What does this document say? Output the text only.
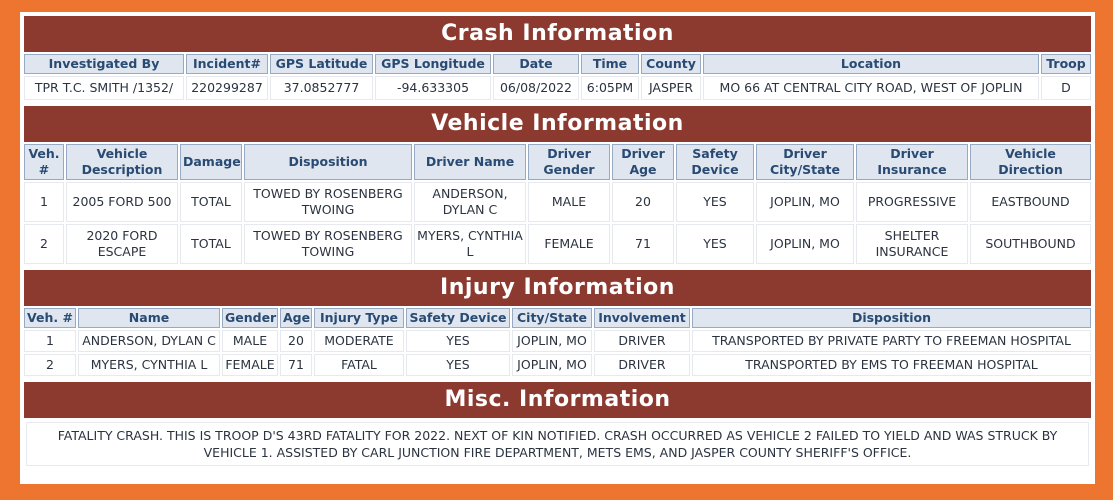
Crash Information
Investigated By	Incident#	GPS Latitude	GPS Longitude	Date	Time	County	Location	Troop
TPR T.C. SMITH /1352/	220299287	37.0852777	-94.633305	06/08/2022	6:05PM	JASPER	MO 66 AT CENTRAL CITY ROAD, WEST OF JOPLIN	D
Vehicle Information
Veh. #	Vehicle Description	Damage	Disposition	Driver Name	Driver Gender	Driver Age	Safety Device	Driver City/State	Driver Insurance	Vehicle Direction
1	2005 FORD 500	TOTAL	TOWED BY ROSENBERG TWOING	ANDERSON, DYLAN C	MALE	20	YES	JOPLIN, MO	PROGRESSIVE	EASTBOUND
2	2020 FORD ESCAPE	TOTAL	TOWED BY ROSENBERG TOWING	MYERS, CYNTHIA L	FEMALE	71	YES	JOPLIN, MO	SHELTER INSURANCE	SOUTHBOUND
Injury Information
Veh. #	Name	Gender	Age	Injury Type	Safety Device	City/State	Involvement	Disposition
1	ANDERSON, DYLAN C	MALE	20	MODERATE	YES	JOPLIN, MO	DRIVER	TRANSPORTED BY PRIVATE PARTY TO FREEMAN HOSPITAL
2	MYERS, CYNTHIA L	FEMALE	71	FATAL	YES	JOPLIN, MO	DRIVER	TRANSPORTED BY EMS TO FREEMAN HOSPITAL
Misc. Information
FATALITY CRASH. THIS IS TROOP D'S 43RD FATALITY FOR 2022. NEXT OF KIN NOTIFIED. CRASH OCCURRED AS VEHICLE 2 FAILED TO YIELD AND WAS STRUCK BY VEHICLE 1. ASSISTED BY CARL JUNCTION FIRE DEPARTMENT, METS EMS, AND JASPER COUNTY SHERIFF'S OFFICE.
